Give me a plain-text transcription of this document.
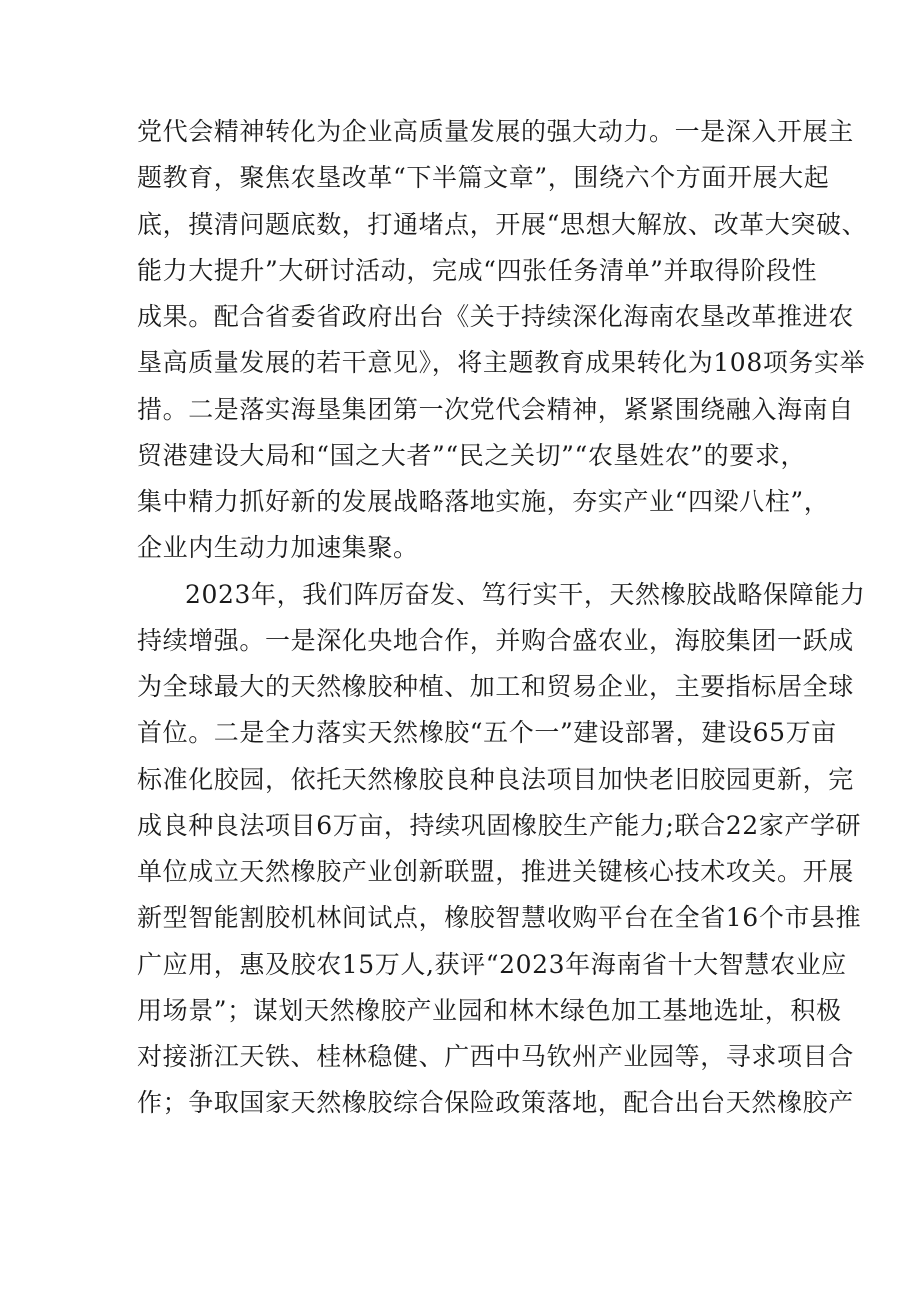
党代会精神转化为企业高质量发展的强大动力。一是深入开展主
题教育，聚焦农垦改革“下半篇文章”，围绕六个方面开展大起
底，摸清问题底数，打通堵点，开展“思想大解放、改革大突破、
能力大提升”大研讨活动，完成“四张任务清单”并取得阶段性
成果。配合省委省政府出台《关于持续深化海南农垦改革推进农
垦高质量发展的若干意见》，将主题教育成果转化为108项务实举
措。二是落实海垦集团第一次党代会精神，紧紧围绕融入海南自
贸港建设大局和“国之大者”“民之关切”“农垦姓农”的要求，
集中精力抓好新的发展战略落地实施，夯实产业“四梁八柱”，
企业内生动力加速集聚。
2023年，我们阵厉奋发、笃行实干，天然橡胶战略保障能力
持续增强。一是深化央地合作，并购合盛农业，海胶集团一跃成
为全球最大的天然橡胶种植、加工和贸易企业，主要指标居全球
首位。二是全力落实天然橡胶“五个一”建设部署，建设65万亩
标准化胶园，依托天然橡胶良种良法项目加快老旧胶园更新，完
成良种良法项目6万亩，持续巩固橡胶生产能力;联合22家产学研
单位成立天然橡胶产业创新联盟，推进关键核心技术攻关。开展
新型智能割胶机林间试点，橡胶智慧收购平台在全省16个市县推
广应用，惠及胶农15万人,获评“2023年海南省十大智慧农业应
用场景”；谋划天然橡胶产业园和林木绿色加工基地选址，积极
对接浙江天铁、桂林稳健、广西中马钦州产业园等，寻求项目合
作；争取国家天然橡胶综合保险政策落地，配合出台天然橡胶产
